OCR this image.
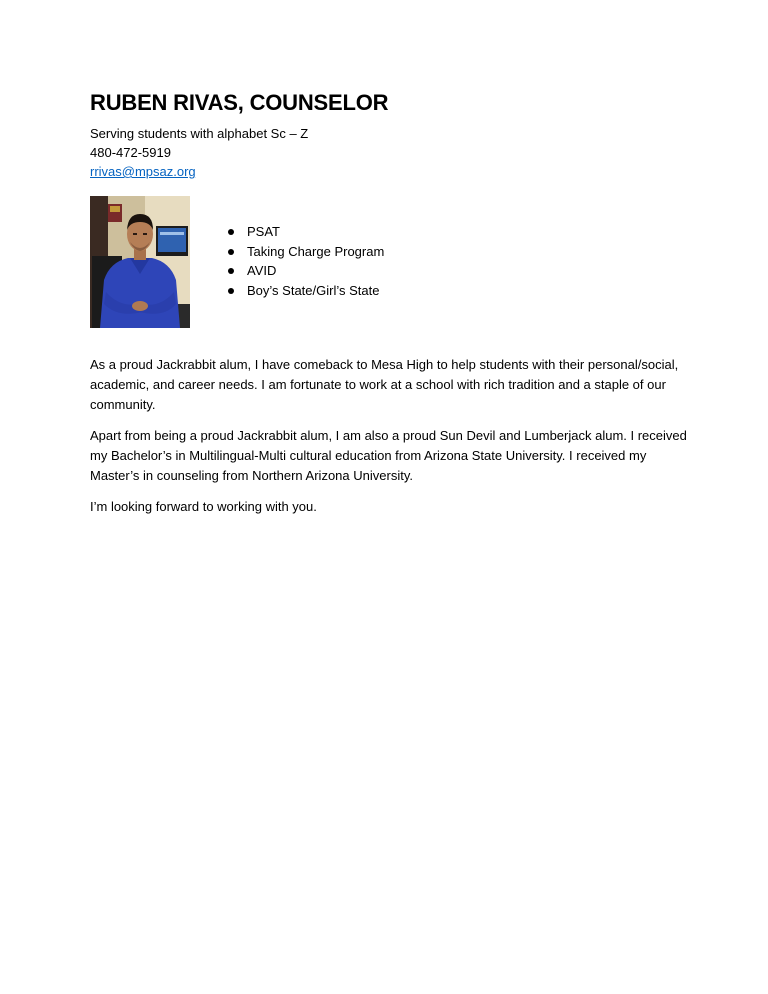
RUBEN RIVAS, COUNSELOR

Serving students with alphabet Sc – Z

480-472-5919

rrivas@mpsaz.org

PSAT
Taking Charge Program
AVID
Boy’s State/Girl’s State

As a proud Jackrabbit alum, I have comeback to Mesa High to help students with their personal/social, academic, and career needs. I am fortunate to work at a school with rich tradition and a staple of our community.

Apart from being a proud Jackrabbit alum, I am also a proud Sun Devil and Lumberjack alum. I received my Bachelor’s in Multilingual-Multi cultural education from Arizona State University. I received my Master’s in counseling from Northern Arizona University.

I’m looking forward to working with you.
